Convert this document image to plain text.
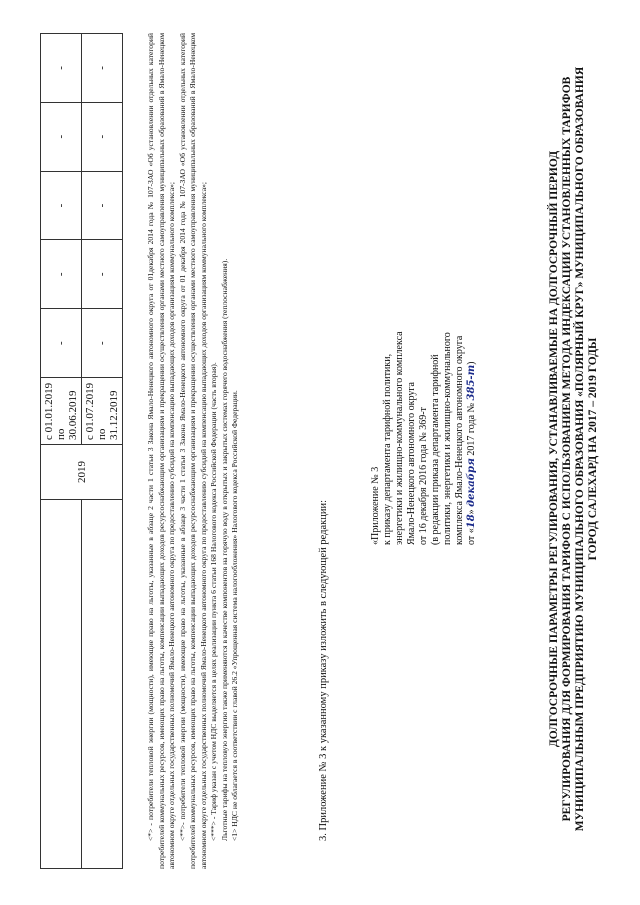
	2019	с 01.01.2019
по 30.06.2019	-	-	-	-	-
		с 01.07.2019
по 31.12.2019	-	-	-	-	-	<*> - потребители тепловой энергии (мощности), имеющие право на льготы, указанные в абзаце 2 части 1 статьи 3 Закона Ямало-Ненецкого автономного округа от 01декабря 2014 года № 107-ЗАО «Об установлении отдельных категорий потребителей коммунальных ресурсов, имеющих право на льготы, компенсации выпадающих доходов ресурсоснабжающим организациям и прекращении осуществления органами местного самоуправления муниципальных образований в Ямало-Ненецком автономном округе отдельных государственных полномочий Ямало-Ненецкого автономного округа по предоставлению субсидий на компенсацию выпадающих доходов организациям коммунального комплекса»; <**>- потребители тепловой энергии (мощности), имеющие право на льготы, указанные в абзаце 3 части 1 статьи 3 Закона Ямало-Ненецкого автономного округа от 01 декабря 2014 года № 107-ЗАО «Об установлении отдельных категорий потребителей коммунальных ресурсов, имеющих право на льготы, компенсации выпадающих доходов ресурсоснабжающим организациям и прекращении осуществления органами местного самоуправления муниципальных образований в Ямало-Ненецком автономном округе отдельных государственных полномочий Ямало-Ненецкого автономного округа по предоставлению субсидий на компенсацию выпадающих доходов организациям коммунального комплекса»; <***> - Тариф указан с учетом НДС выделяется в целях реализации пункта 6 статьи 168 Налогового кодекса Российской Федерации (часть вторая). Льготные тарифы на тепловую энергию также применяются в качестве компонентов на горячую воду в открытых и закрытых системах горячего водоснабжения (теплоснабжения). <1> НДС не облагается в соответствии с главой 26.2 «Упрощенная система налогообложения» Налогового кодекса Российской Федерации.	3. Приложение № 3 к указанному приказу изложить в следующей редакции:	«Приложение № 3 к приказу департамента тарифной политики, энергетики и жилищно-коммунального комплекса Ямало-Ненецкого автономного округа от 16 декабря 2016 года № 369-т (в редакции приказа департамента тарифной политики, энергетики и жилищно-коммунального комплекса Ямало-Ненецкого автономного округа от «18» декабря 2017 года № 385-т)	ДОЛГОСРОЧНЫЕ ПАРАМЕТРЫ РЕГУЛИРОВАНИЯ, УСТАНАВЛИВАЕМЫЕ НА ДОЛГОСРОЧНЫЙ ПЕРИОД РЕГУЛИРОВАНИЯ ДЛЯ ФОРМИРОВАНИЯ ТАРИФОВ С ИСПОЛЬЗОВАНИЕМ МЕТОДА ИНДЕКСАЦИИ УСТАНОВЛЕННЫХ ТАРИФОВ МУНИЦИПАЛЬНЫМ ПРЕДПРИЯТИЮ МУНИЦИПАЛЬНОГО ОБРАЗОВАНИЯ «ПОЛЯРНЫЙ КРУГ» МУНИЦИПАЛЬНОГО ОБРАЗОВАНИЯ ГОРОД САЛЕХАРД НА 2017 – 2019 ГОДЫ
